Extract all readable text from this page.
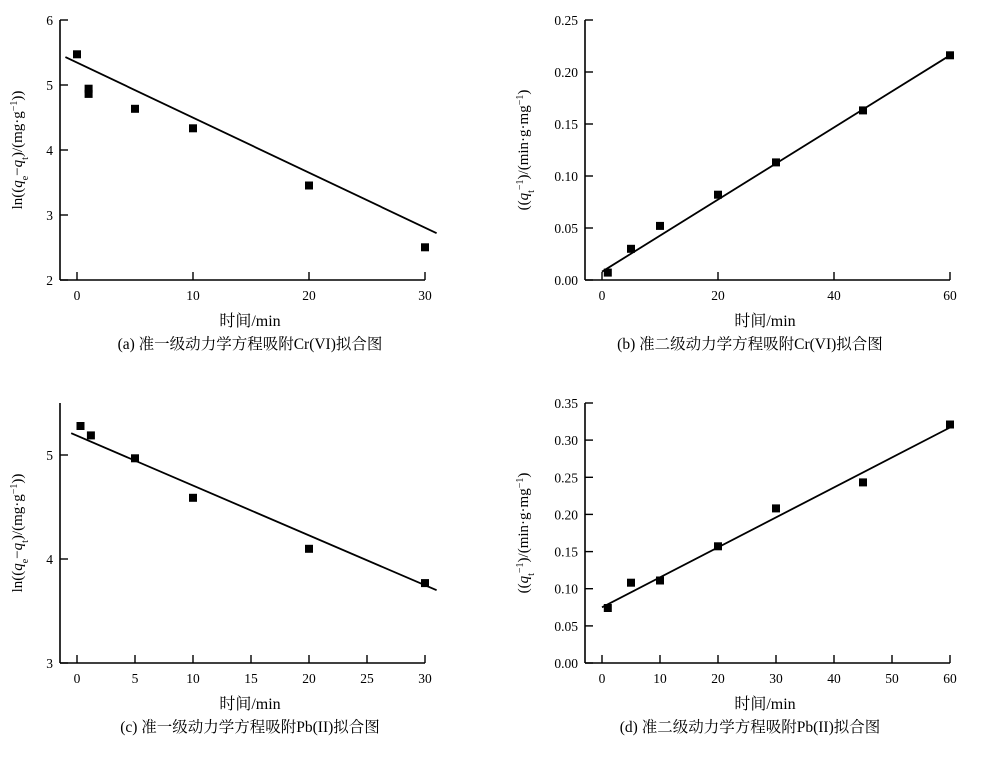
2
3
4
5
6
0	10	20	30
时间/min
$\ln((q_e-q_t)/(mg\cdot g^{-1}))$
(a) 准一级动力学方程吸附Cr(VI)拟合图
0.00
0.05
0.10
0.15
0.20
0.25
0	20	40	60
时间/min
($(q_t^{-1})/(\min\cdot g\cdot mg^{-1})$
(b) 准二级动力学方程吸附Cr(VI)拟合图
3
4
5
0	5	10	15	20	25	30
时间/min
$\ln((q_e-q_t)/(mg\cdot g^{-1}))$
(c) 准一级动力学方程吸附Pb(II)拟合图
0.00
0.05
0.10
0.15
0.20
0.25
0.30
0.35
0	10	20	30	40	50	60
时间/min
($(q_t^{-1})/(\min\cdot g\cdot mg^{-1})$
(d) 准二级动力学方程吸附Pb(II)拟合图
